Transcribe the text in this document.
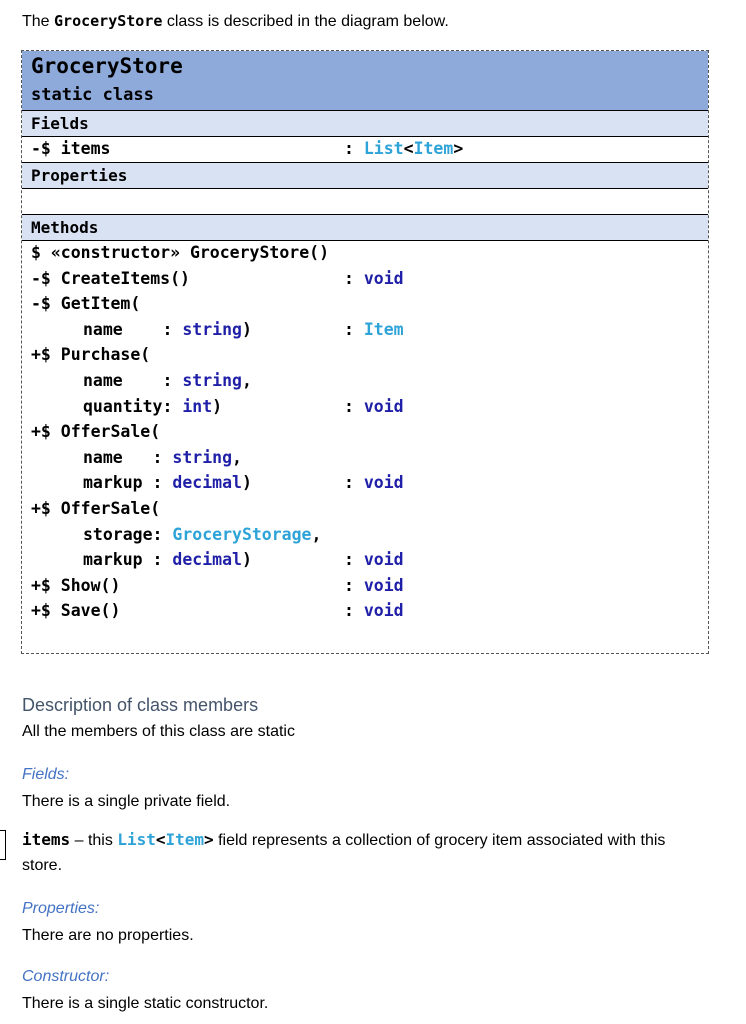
The GroceryStore class is described in the diagram below.
GroceryStore
static class
Fields
-$ items	: List<Item>
Properties
Methods
$ «constructor» GroceryStore()
-$ CreateItems()	: void
-$ GetItem(
name    : string)	: Item
+$ Purchase(
name    : string,
quantity: int)	: void
+$ OfferSale(
name   : string,
markup : decimal)	: void
+$ OfferSale(
storage: GroceryStorage,
markup : decimal)	: void
+$ Show()	: void
+$ Save()	: void
Description of class members
All the members of this class are static
Fields:
There is a single private field.
items – this List<Item> field represents a collection of grocery item associated with this
store.
Properties:
There are no properties.
Constructor:
There is a single static constructor.
